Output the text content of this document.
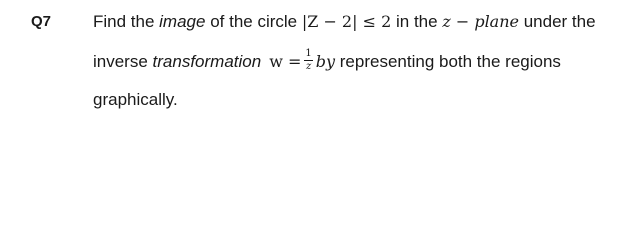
Q7 Find the image of the circle |Z − 2| ≤ 2 in the z − plane under the
inverse transformation $w = \frac{1}{z}$ by representing both the regions
graphically.
